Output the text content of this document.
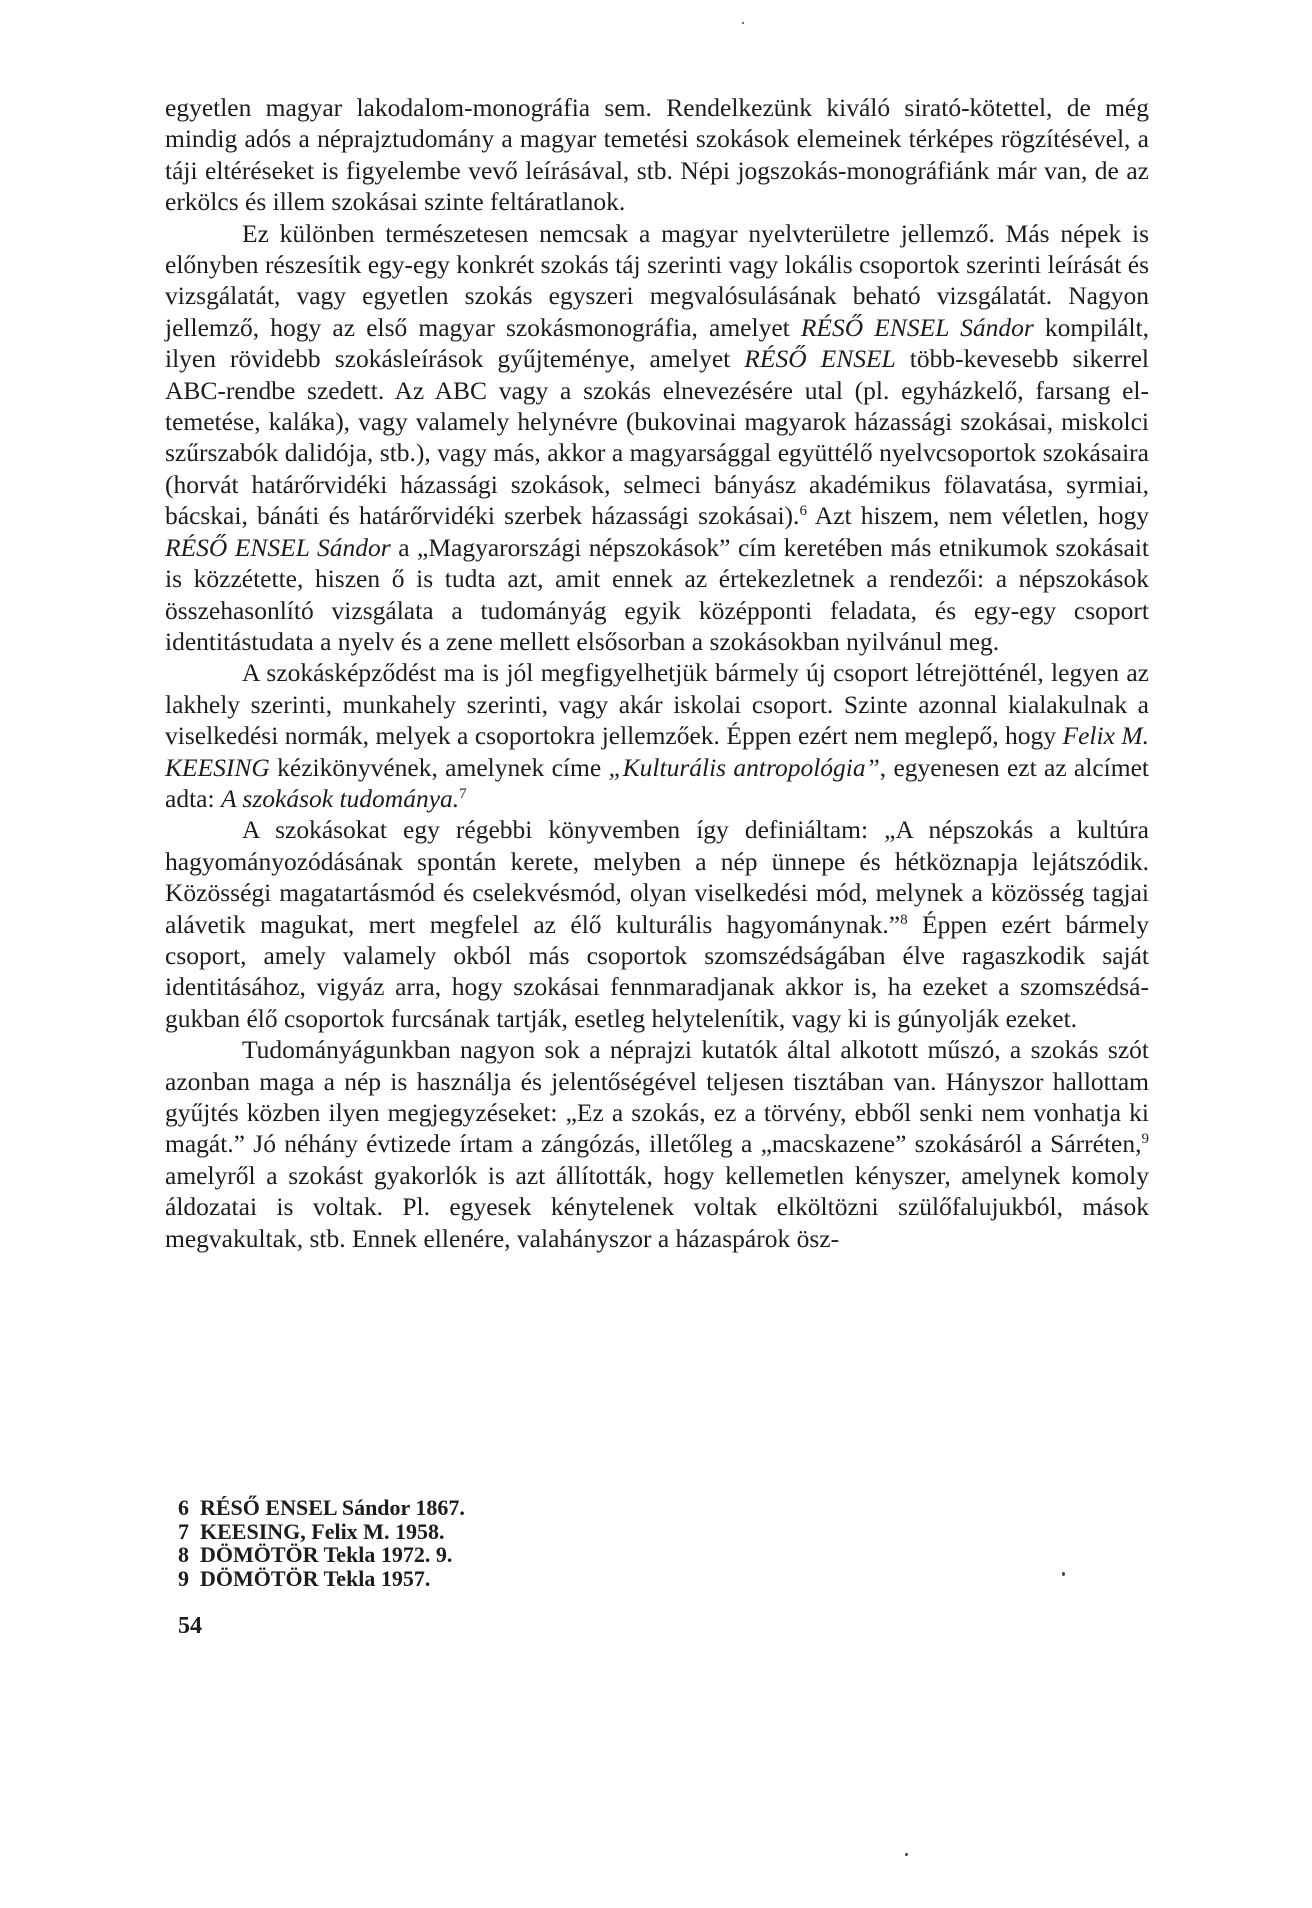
egyetlen magyar lakodalom-monográfia sem. Rendelkezünk kiváló sirató-kötettel, de még mindig adós a néprajztudomány a magyar temetési szokások elemeinek térképes rögzítésével, a táji eltéréseket is figyelembe vevő leírásával, stb. Népi jogszokás-monográfiánk már van, de az erkölcs és illem szokásai szinte feltáratlanok.

Ez különben természetesen nemcsak a magyar nyelvterületre jellemző. Más népek is előnyben részesítik egy-egy konkrét szokás táj szerinti vagy lokális csoportok szerinti leírását és vizsgálatát, vagy egyetlen szokás egyszeri megvalósulásának beható vizsgálatát. Nagyon jellemző, hogy az első magyar szokásmonográfia, amelyet RÉSŐ ENSEL Sándor kompilált, ilyen rövidebb szokásleírások gyűjteménye, amelyet RÉSŐ ENSEL több-kevesebb sikerrel ABC-rendbe szedett. Az ABC vagy a szokás elnevezésére utal (pl. egyházkelő, farsang eltemetése, kaláka), vagy valamely helynévre (bukovinai magyarok házassági szokásai, miskolci szűrszabók dalidója, stb.), vagy más, akkor a magyarsággal együttélő nyelvcsoportok szokásaira (horvát határőrvidéki házassági szokások, selmeci bányász akadémikus fölavatása, syrmiai, bácskai, bánáti és határőrvidéki szerbek házassági szokásai).$^6$ Azt hiszem, nem véletlen, hogy RÉSŐ ENSEL Sándor a „Magyarországi népszokások” cím keretében más etnikumok szokásait is közzétette, hiszen ő is tudta azt, amit ennek az értekezletnek a rendezői: a népszokások összehasonlító vizsgálata a tudományág egyik középponti feladata, és egy-egy csoport identitástudata a nyelv és a zene mellett elsősorban a szokásokban nyilvánul meg.

A szokásképződést ma is jól megfigyelhetjük bármely új csoport létrejötténél, legyen az lakhely szerinti, munkahely szerinti, vagy akár iskolai csoport. Szinte azonnal kialakulnak a viselkedési normák, melyek a csoportokra jellemzőek. Éppen ezért nem meglepő, hogy Felix M. KEESING kézikönyvének, amelynek címe „Kulturális antropológia”, egyenesen ezt az alcímet adta: A szokások tudománya.$^7$

A szokásokat egy régebbi könyvemben így definiáltam: „A népszokás a kultúra hagyományozódásának spontán kerete, melyben a nép ünnepe és hétköznapja lejátszódik. Közösségi magatartásmód és cselekvésmód, olyan viselkedési mód, melynek a közösség tagjai alávetik magukat, mert megfelel az élő kulturális hagyománynak.”$^8$ Éppen ezért bármely csoport, amely valamely okból más csoportok szomszédságában élve ragaszkodik saját identitásához, vigyáz arra, hogy szokásai fennmaradjanak akkor is, ha ezeket a szomszédságukban élő csoportok furcsának tartják, esetleg helytelenítik, vagy ki is gúnyolják ezeket.

Tudományágunkban nagyon sok a néprajzi kutatók által alkotott műszó, a szokás szót azonban maga a nép is használja és jelentőségével teljesen tisztában van. Hányszor hallottam gyűjtés közben ilyen megjegyzéseket: „Ez a szokás, ez a törvény, ebből senki nem vonhatja ki magát.” Jó néhány évtizede írtam a zángózás, illetőleg a „macskazene” szokásáról a Sárréten,$^9$ amelyről a szokást gyakorlók is azt állították, hogy kellemetlen kényszer, amelynek komoly áldozatai is voltak. Pl. egyesek kénytelenek voltak elköltözni szülőfalujukból, mások megvakultak, stb. Ennek ellenére, valahányszor a házaspárok ösz-

6 RÉSŐ ENSEL Sándor 1867.
7 KEESING, Felix M. 1958.
8 DÖMÖTÖR Tekla 1972. 9.
9 DÖMÖTÖR Tekla 1957.
54
